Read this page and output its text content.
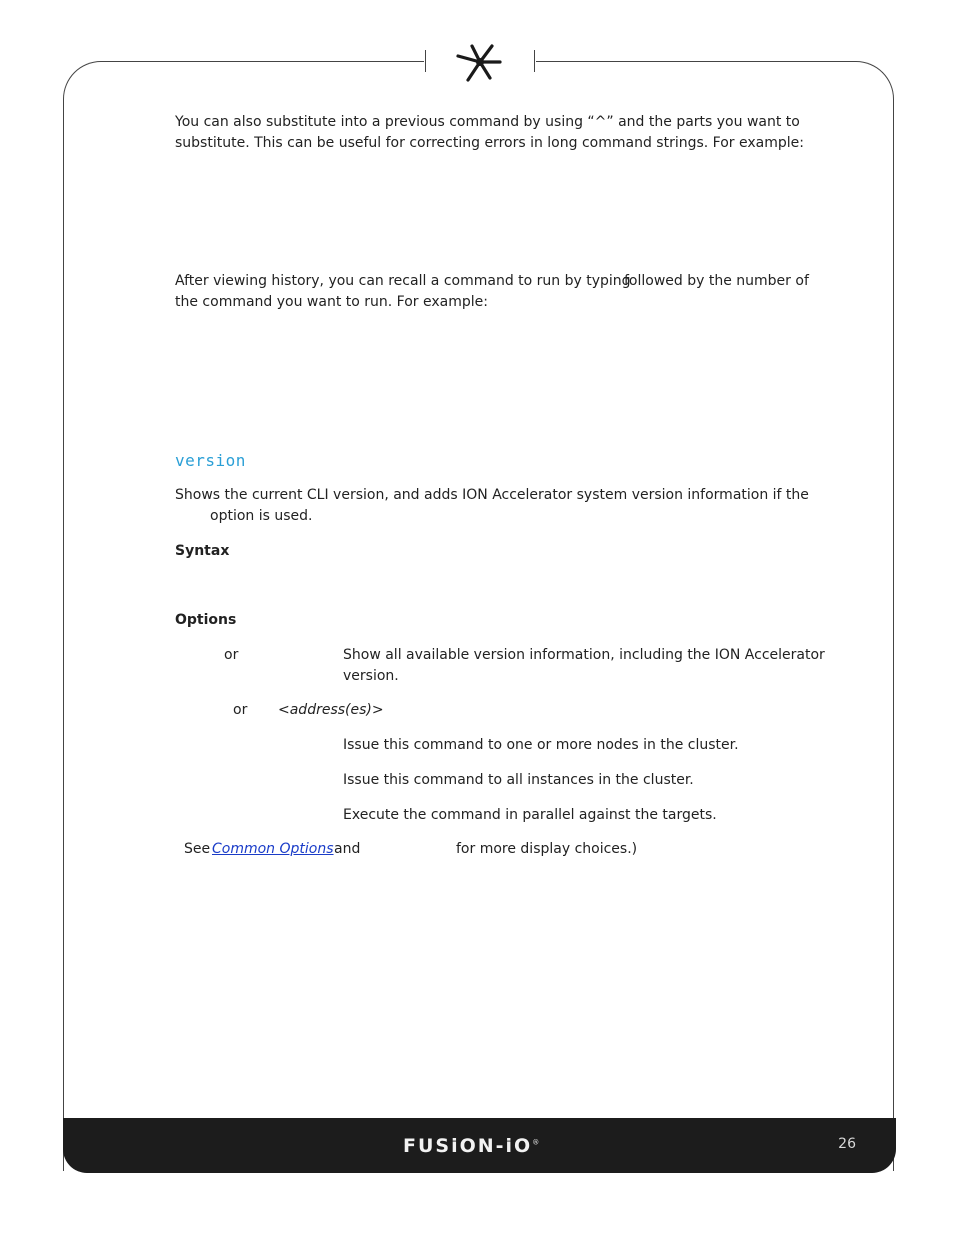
You can also substitute into a previous command by using “^” and the parts you want to
substitute. This can be useful for correcting errors in long command strings. For example:
After viewing history, you can recall a command to run by typing
followed by the number of
the command you want to run. For example:
version
Shows the current CLI version, and adds ION Accelerator system version information if the
option is used.
Syntax
Options
or	Show all available version information, including the ION Accelerator
version.
or <address(es)>
Issue this command to one or more nodes in the cluster.
Issue this command to all instances in the cluster.
Execute the command in parallel against the targets.
See Common Options and	for more display choices.)
FUSiON-iO®	26
